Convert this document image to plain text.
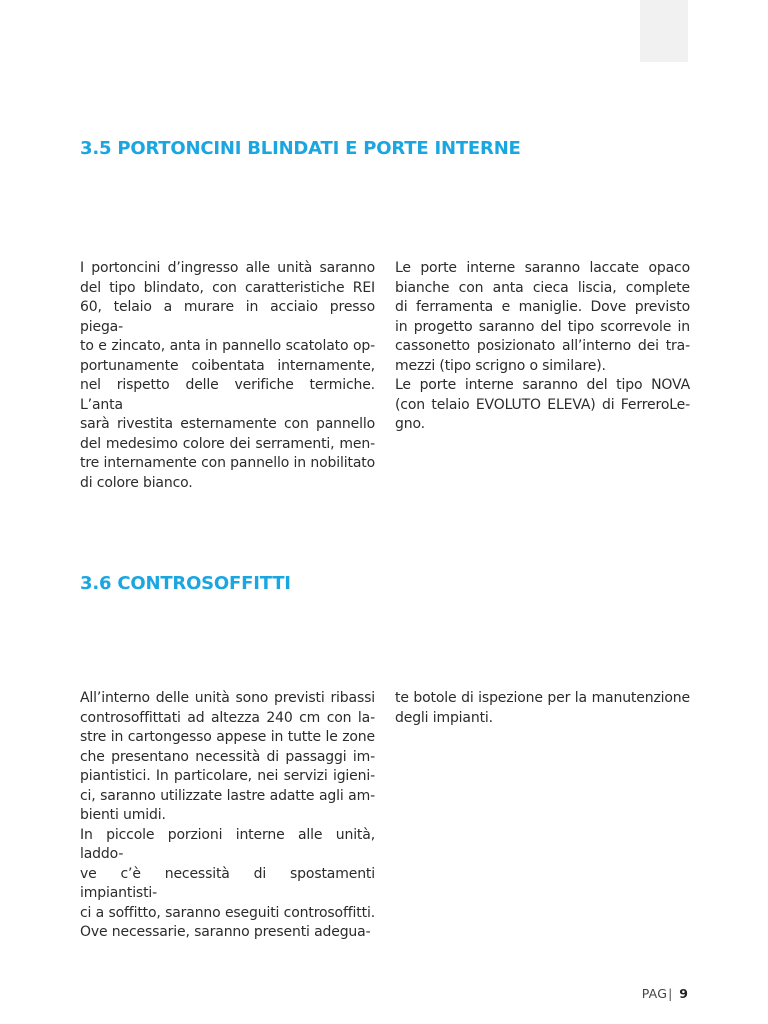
3.5 PORTONCINI BLINDATI E PORTE INTERNE

I portoncini d’ingresso alle unità saranno
del tipo blindato, con caratteristiche REI
60, telaio a murare in acciaio presso piega-
to e zincato, anta in pannello scatolato op-
portunamente coibentata internamente,
nel rispetto delle verifiche termiche. L’anta
sarà rivestita esternamente con pannello
del medesimo colore dei serramenti, men-
tre internamente con pannello in nobilitato
di colore bianco.

Le porte interne saranno laccate opaco
bianche con anta cieca liscia, complete
di ferramenta e maniglie. Dove previsto
in progetto saranno del tipo scorrevole in
cassonetto posizionato all’interno dei tra-
mezzi (tipo scrigno o similare).
Le porte interne saranno del tipo NOVA
(con telaio EVOLUTO ELEVA) di FerreroLe-
gno.

3.6 CONTROSOFFITTI

All’interno delle unità sono previsti ribassi
controsoffittati ad altezza 240 cm con la-
stre in cartongesso appese in tutte le zone
che presentano necessità di passaggi im-
piantistici. In particolare, nei servizi igieni-
ci, saranno utilizzate lastre adatte agli am-
bienti umidi.
In piccole porzioni interne alle unità, laddo-
ve c’è necessità di spostamenti impiantisti-
ci a soffitto, saranno eseguiti controsoffitti.
Ove necessarie, saranno presenti adegua-

te botole di ispezione per la manutenzione
degli impianti.

PAG| 9
